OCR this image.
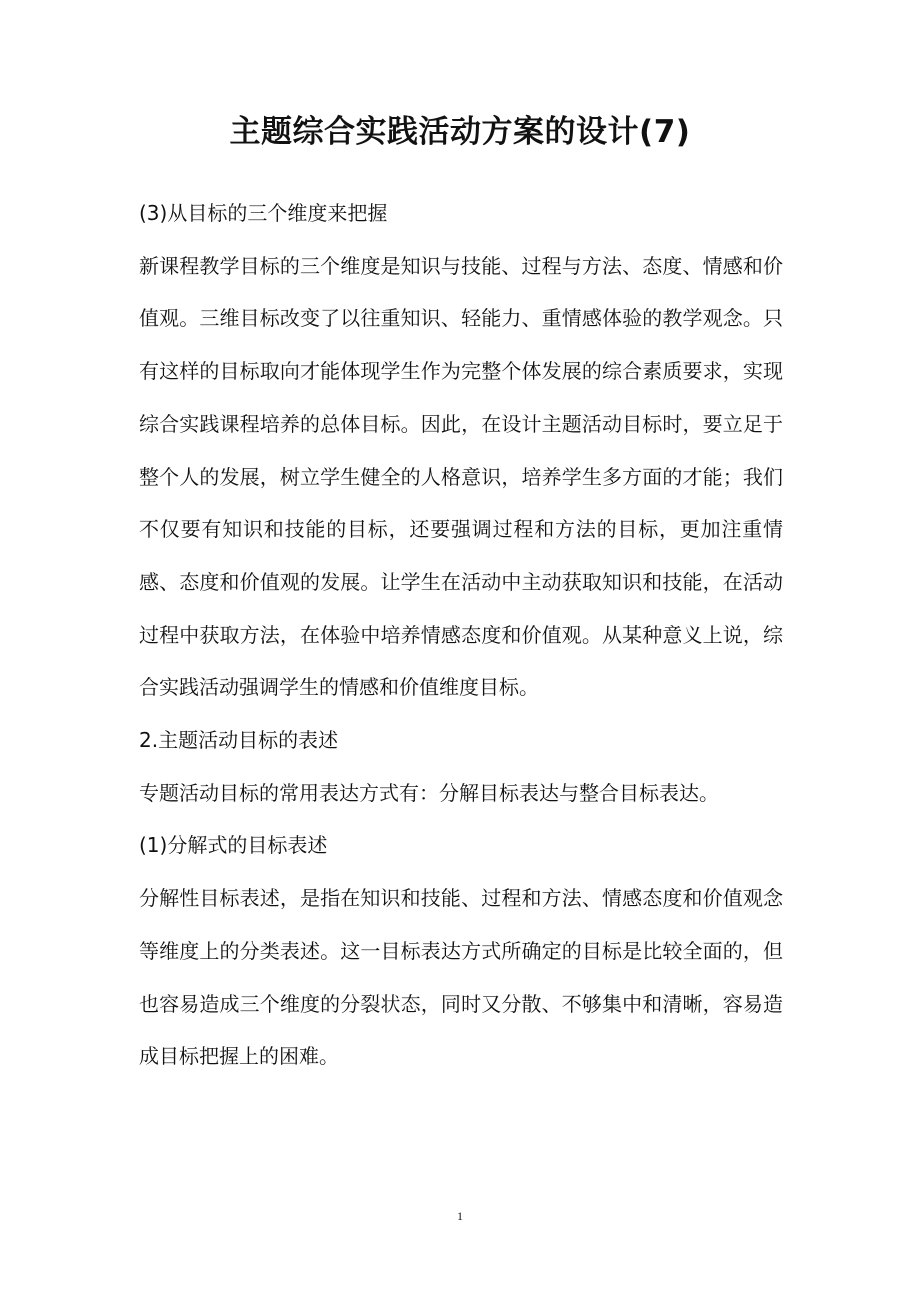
主题综合实践活动方案的设计(7)

(3)从目标的三个维度来把握

新课程教学目标的三个维度是知识与技能、过程与方法、态度、情感和价值观。三维目标改变了以往重知识、轻能力、重情感体验的教学观念。只有这样的目标取向才能体现学生作为完整个体发展的综合素质要求，实现综合实践课程培养的总体目标。因此，在设计主题活动目标时，要立足于整个人的发展，树立学生健全的人格意识，培养学生多方面的才能；我们不仅要有知识和技能的目标，还要强调过程和方法的目标，更加注重情感、态度和价值观的发展。让学生在活动中主动获取知识和技能，在活动过程中获取方法，在体验中培养情感态度和价值观。从某种意义上说，综合实践活动强调学生的情感和价值维度目标。

2.主题活动目标的表述

专题活动目标的常用表达方式有：分解目标表达与整合目标表达。

(1)分解式的目标表述

分解性目标表述，是指在知识和技能、过程和方法、情感态度和价值观念等维度上的分类表述。这一目标表达方式所确定的目标是比较全面的，但也容易造成三个维度的分裂状态，同时又分散、不够集中和清晰，容易造成目标把握上的困难。

1
